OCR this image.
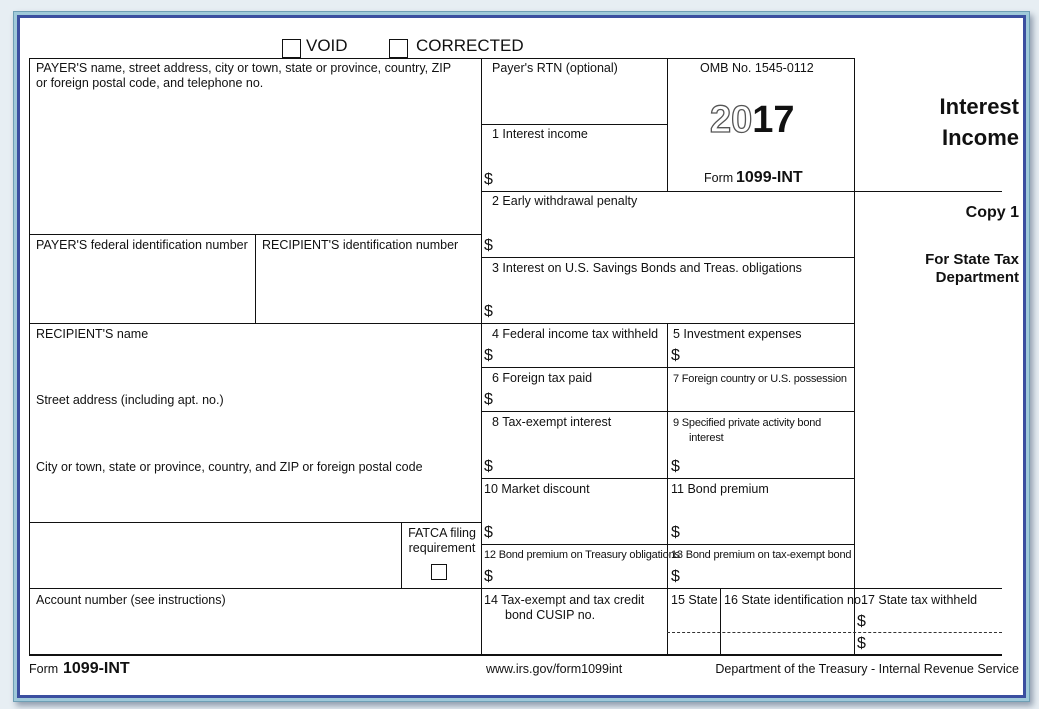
VOID	CORRECTED
PAYER'S name, street address, city or town, state or province, country, ZIP
or foreign postal code, and telephone no.
PAYER'S federal identification number RECIPIENT'S identification number
RECIPIENT'S name
Street address (including apt. no.)
City or town, state or province, country, and ZIP or foreign postal code
FATCA filing
requirement
Account number (see instructions)
Payer's RTN (optional)
1 Interest income
$
OMB No. 1545-0112
2017
Form 1099-INT
2 Early withdrawal penalty
$
3 Interest on U.S. Savings Bonds and Treas. obligations
$
4 Federal income tax withheld
$
5 Investment expenses
$
6 Foreign tax paid
$
7 Foreign country or U.S. possession
8 Tax-exempt interest
$
9 Specified private activity bond
interest
$
10 Market discount
$
11 Bond premium
$
12 Bond premium on Treasury obligations
$
13 Bond premium on tax-exempt bond
$
14 Tax-exempt and tax credit
bond CUSIP no.
15 State 16 State identification no.
17 State tax withheld
$
$
Interest
Income
Copy 1
For State Tax
Department
Form 1099-INT	www.irs.gov/form1099int	Department of the Treasury - Internal Revenue Service
